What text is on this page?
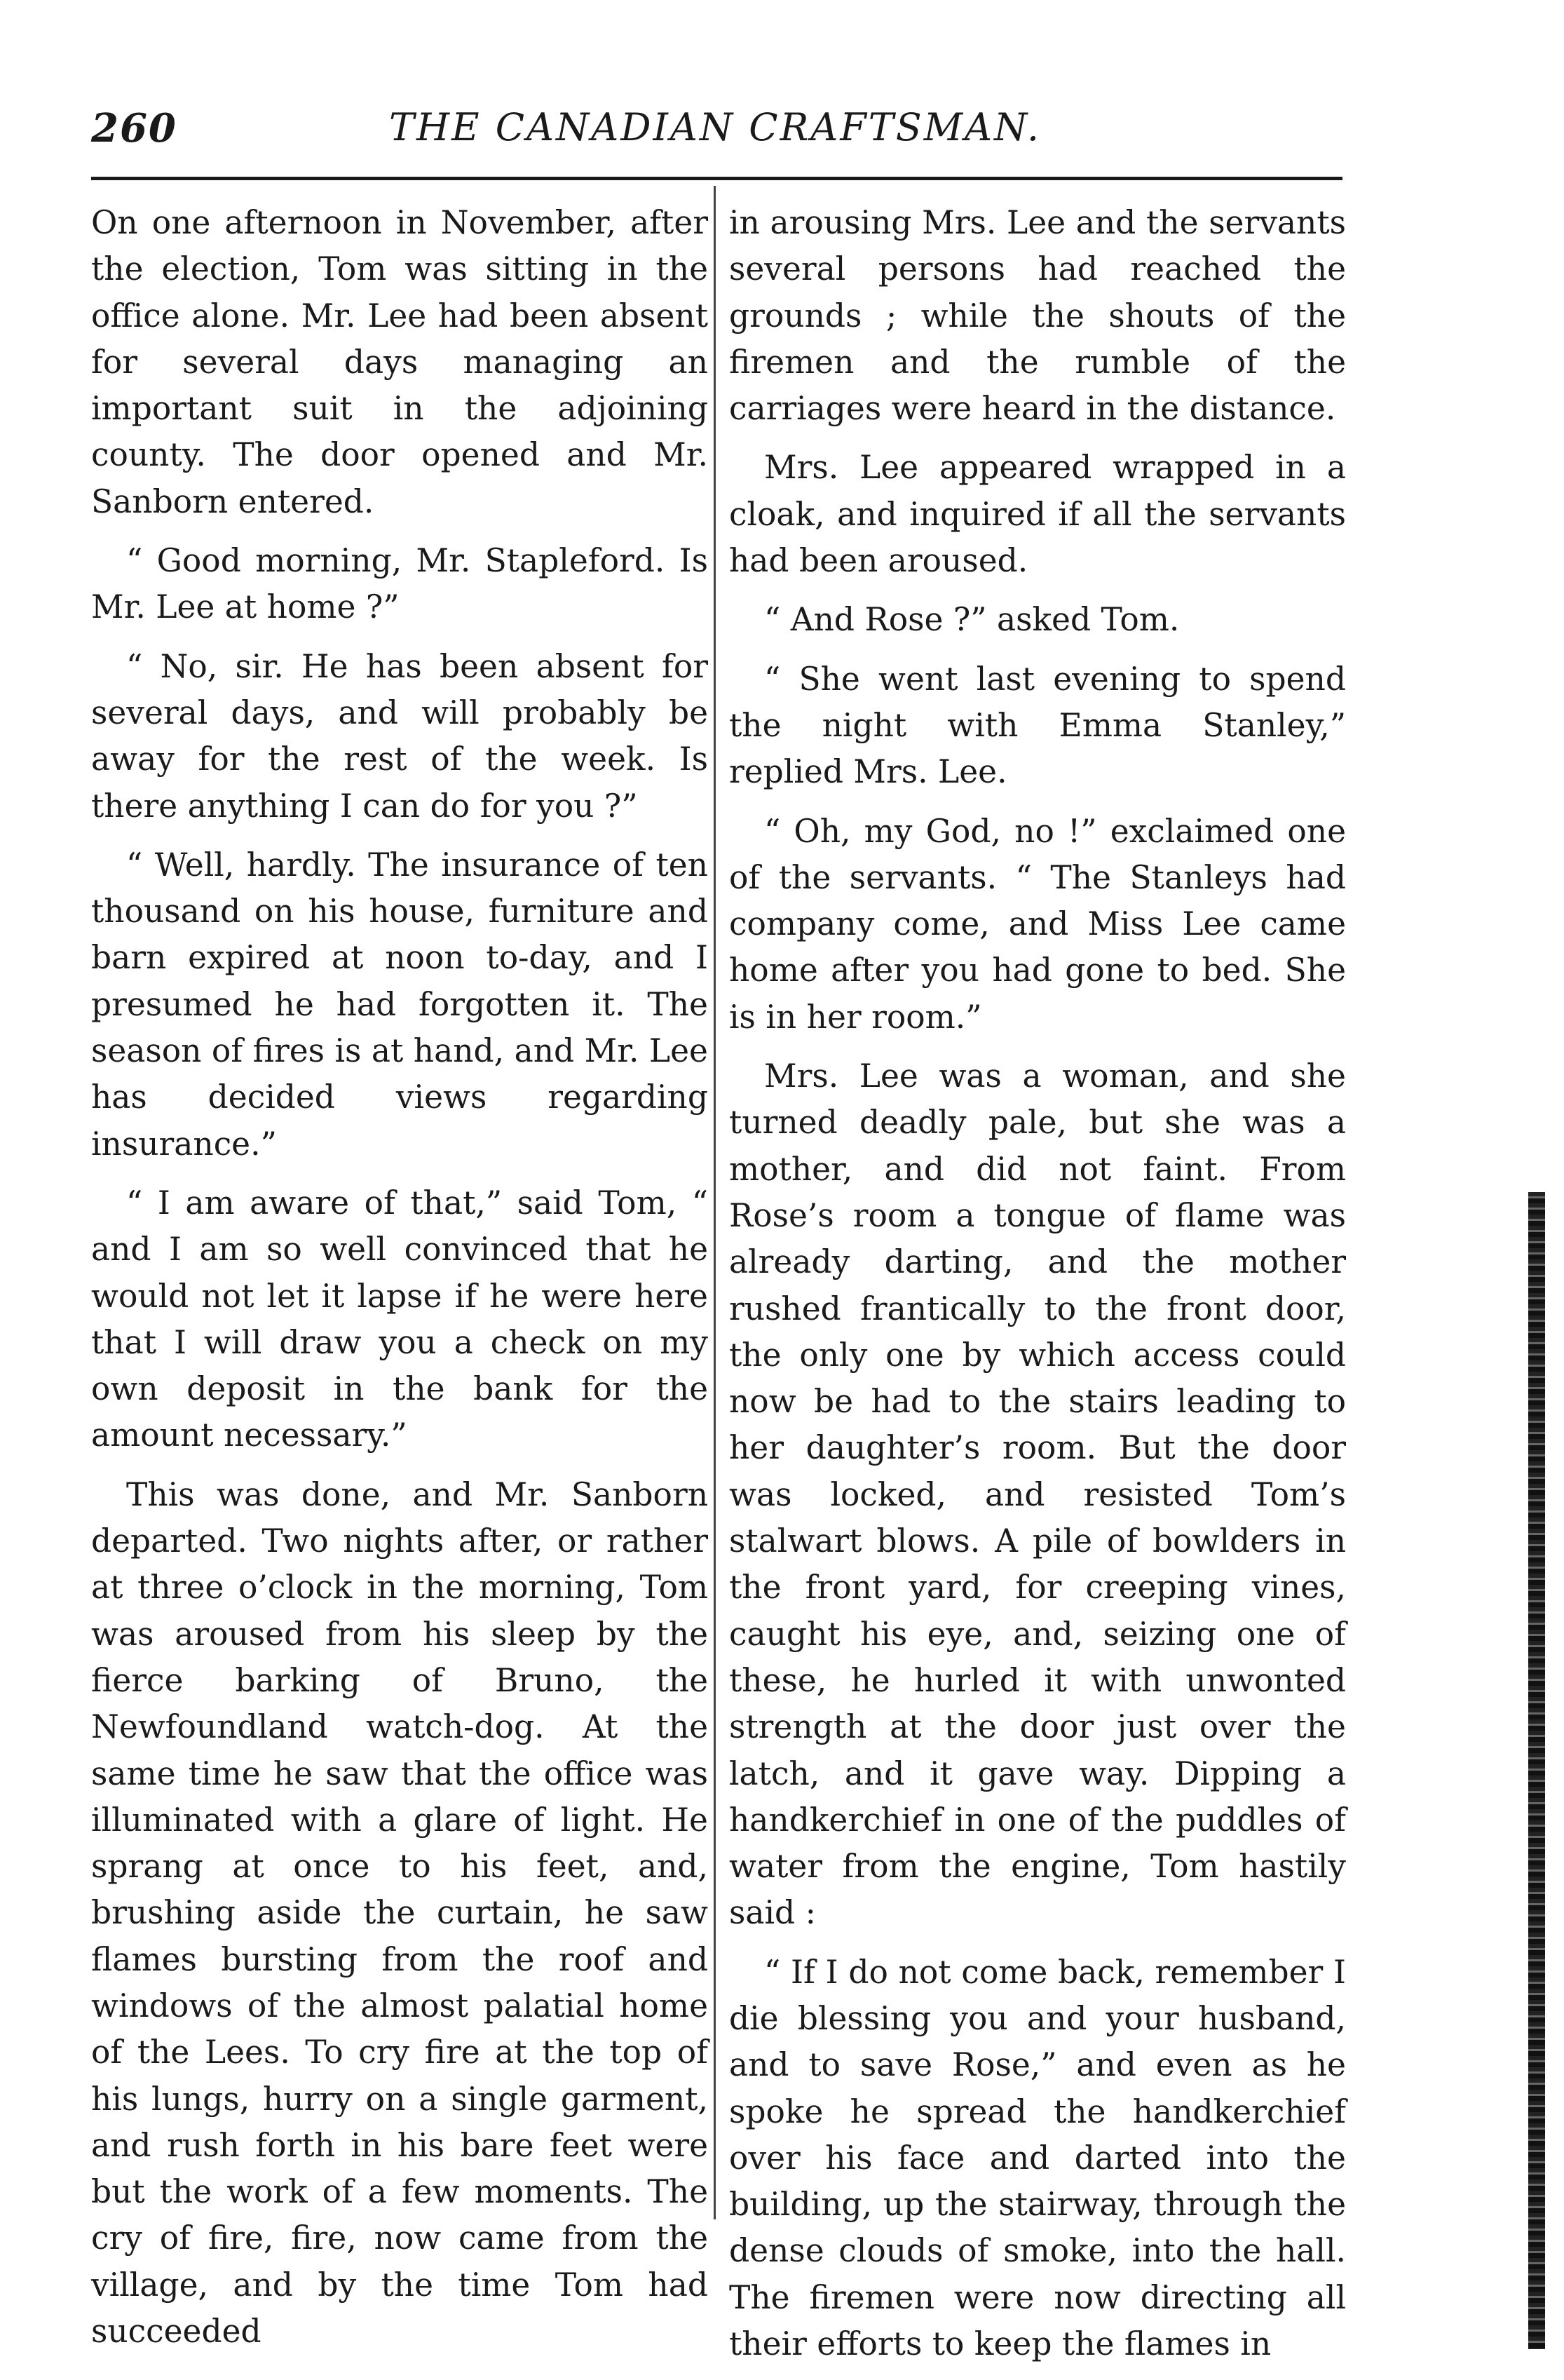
260	THE CANADIAN CRAFTSMAN.

On one afternoon in November, after the election, Tom was sitting in the office alone. Mr. Lee had been absent for several days managing an important suit in the adjoining county. The door opened and Mr. Sanborn entered.

“ Good morning, Mr. Stapleford. Is Mr. Lee at home ?”

“ No, sir. He has been absent for several days, and will probably be away for the rest of the week. Is there anything I can do for you ?”

“ Well, hardly. The insurance of ten thousand on his house, furniture and barn expired at noon to-day, and I presumed he had forgotten it. The season of fires is at hand, and Mr. Lee has decided views regarding insurance.”

“ I am aware of that,” said Tom, “ and I am so well convinced that he would not let it lapse if he were here that I will draw you a check on my own deposit in the bank for the amount necessary.”

This was done, and Mr. Sanborn departed. Two nights after, or rather at three o’clock in the morning, Tom was aroused from his sleep by the fierce barking of Bruno, the Newfoundland watch-dog. At the same time he saw that the office was illuminated with a glare of light. He sprang at once to his feet, and, brushing aside the curtain, he saw flames bursting from the roof and windows of the almost palatial home of the Lees. To cry fire at the top of his lungs, hurry on a single garment, and rush forth in his bare feet were but the work of a few moments. The cry of fire, fire, now came from the village, and by the time Tom had succeeded

in arousing Mrs. Lee and the servants several persons had reached the grounds ; while the shouts of the firemen and the rumble of the carriages were heard in the distance.

Mrs. Lee appeared wrapped in a cloak, and inquired if all the servants had been aroused.

“ And Rose ?” asked Tom.

“ She went last evening to spend the night with Emma Stanley,” replied Mrs. Lee.

“ Oh, my God, no !” exclaimed one of the servants. “ The Stanleys had company come, and Miss Lee came home after you had gone to bed. She is in her room.”

Mrs. Lee was a woman, and she turned deadly pale, but she was a mother, and did not faint. From Rose’s room a tongue of flame was already darting, and the mother rushed frantically to the front door, the only one by which access could now be had to the stairs leading to her daughter’s room. But the door was locked, and resisted Tom’s stalwart blows. A pile of bowlders in the front yard, for creeping vines, caught his eye, and, seizing one of these, he hurled it with unwonted strength at the door just over the latch, and it gave way. Dipping a handkerchief in one of the puddles of water from the engine, Tom hastily said :

“ If I do not come back, remember I die blessing you and your husband, and to save Rose,” and even as he spoke he spread the handkerchief over his face and darted into the building, up the stairway, through the dense clouds of smoke, into the hall. The firemen were now directing all their efforts to keep the flames in
